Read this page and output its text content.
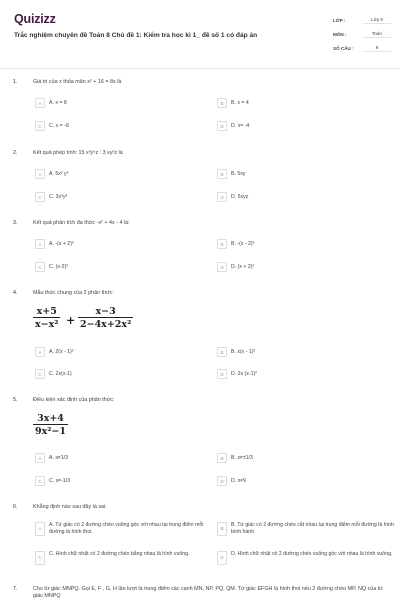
Quizizz
Trắc nghiệm chuyên đề Toán 8 Chủ đề 1: Kiểm tra học kì 1_ đề số 1 có đáp án
LỚP :	Lớp 8
MÔN :	Toán
SỐ CÂU :	9
1.	Giá trị của x thỏa mãn x² + 16 = 8x là
A	A. x = 8	B	B. x = 4
C	C. x = -8	D	D. x= -4
2.	Kết quả phép tính: 15 x³y⁵z : 3 xy²z là
A	A. 5x² y³	B	B. 5xy
C	C. 3x²y³	D	D. 5xyz
3.	Kết quả phân tích đa thức -x² + 4x - 4 là:
A	A. -(x + 2)²	B	B. -(x - 2)²
C	C. (x-2)²	D	D. (x + 2)²
4.	Mẫu thức chung của 2 phân thức:
$\frac{x+5}{\text{x−x²}} + \frac{x-3}{\text{2−4x+2x²}}$
A	A. 2(x - 1)²	B	B. x(x - 1)²
C	C. 2x(x-1)	D	D. 2x (x-1)²
5.	Điều kiện xác định của phân thức:
$\frac{3x+4}{\text{9x²−1}}$
A	A. x≠1/3	B	B. x≠±1/3
C	C. x≠-1/3	D	D. x≠9
6.	Khẳng định nào sau đây là sai:
A
A. Tứ giác có 2 đường chéo vuông góc với nhau tại trung điểm mỗi đường là hình thoi.
B
B. Tứ giác có 2 đường chéo cắt nhau tại trung điểm mỗi đường là hình bình hành
C
C. Hình chữ nhật có 2 đường chéo bằng nhau là hình vuông.
D
D. Hình chữ nhật có 2 đường chéo vuông góc với nhau là hình vuông.
7.	Cho tứ giác MNPQ. Gọi E, F , G, H lần lượt là trung điểm các cạnh MN, NP, PQ, QM. Tứ giác EFGH là hình thoi nếu 2 đường chéo MP, NQ của tứ giác MNPQ
